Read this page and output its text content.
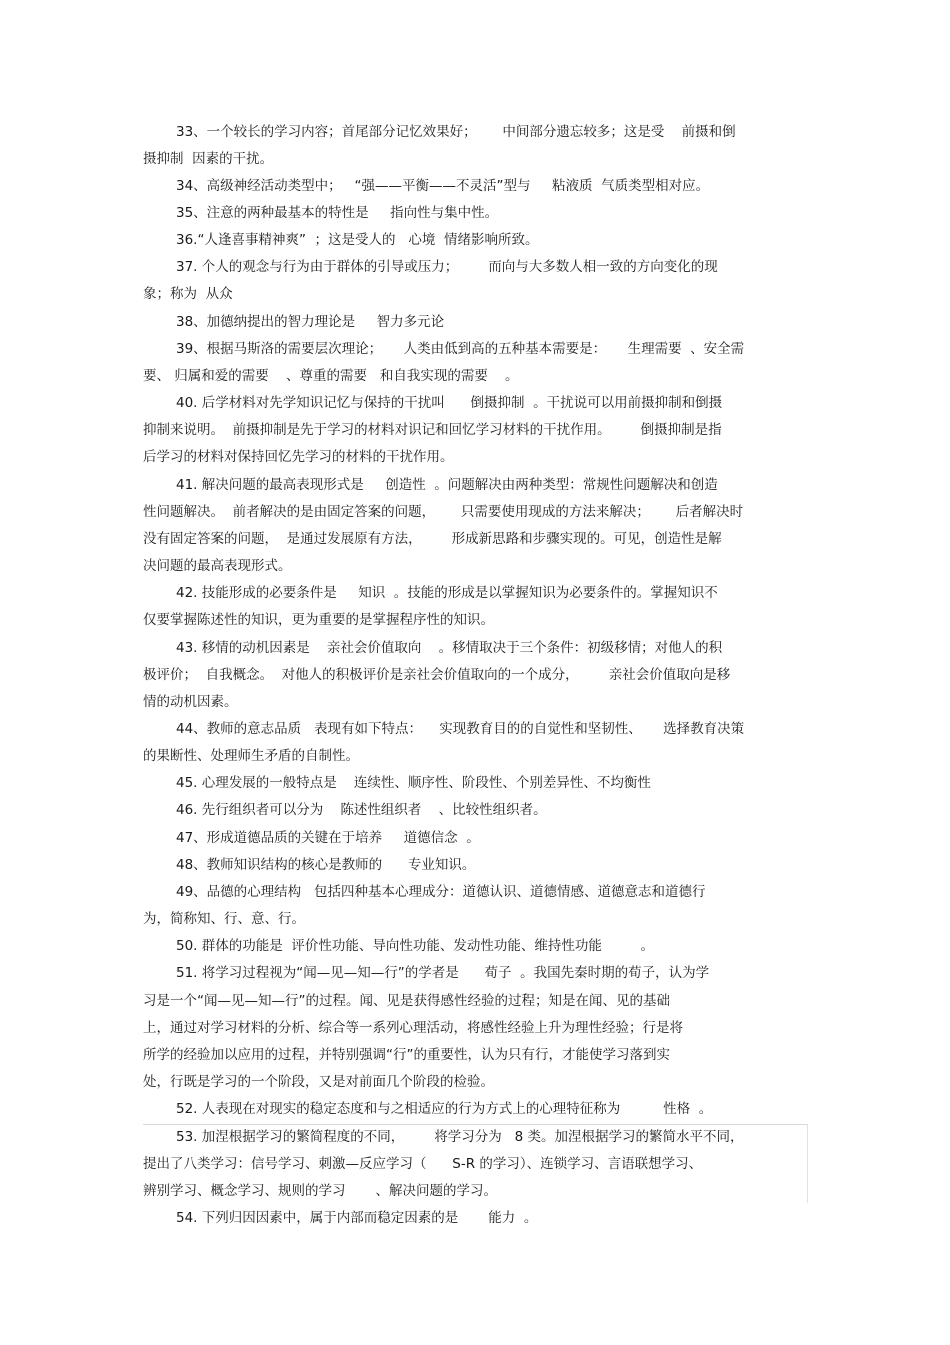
33、一个较长的学习内容；首尾部分记忆效果好；      中间部分遗忘较多；这是受    前摄和倒
摄抑制  因素的干扰。
34、高级神经活动类型中；   “强——平衡——不灵活”型与     粘液质  气质类型相对应。
35、注意的两种最基本的特性是     指向性与集中性。
36.“人逢喜事精神爽”  ；这是受人的   心境  情绪影响所致。
37. 个人的观念与行为由于群体的引导或压力；       而向与大多数人相一致的方向变化的现
象；称为  从众
38、加德纳提出的智力理论是     智力多元论
39、根据马斯洛的需要层次理论；     人类由低到高的五种基本需要是：     生理需要  、安全需
要、 归属和爱的需要    、尊重的需要   和自我实现的需要    。
40. 后学材料对先学知识记忆与保持的干扰叫      倒摄抑制  。干扰说可以用前摄抑制和倒摄
抑制来说明。  前摄抑制是先于学习的材料对识记和回忆学习材料的干扰作用。       倒摄抑制是指
后学习的材料对保持回忆先学习的材料的干扰作用。
41. 解决问题的最高表现形式是     创造性  。问题解决由两种类型：常规性问题解决和创造
性问题解决。  前者解决的是由固定答案的问题，      只需要使用现成的方法来解决；      后者解决时
没有固定答案的问题，  是通过发展原有方法，       形成新思路和步骤实现的。可见，创造性是解
决问题的最高表现形式。
42. 技能形成的必要条件是     知识  。技能的形成是以掌握知识为必要条件的。掌握知识不
仅要掌握陈述性的知识，更为重要的是掌握程序性的知识。
43. 移情的动机因素是    亲社会价值取向    。移情取决于三个条件：初级移情；对他人的积
极评价；  自我概念。  对他人的积极评价是亲社会价值取向的一个成分，       亲社会价值取向是移
情的动机因素。
44、教师的意志品质   表现有如下特点：    实现教育目的的自觉性和坚韧性、     选择教育决策
的果断性、处理师生矛盾的自制性。
45. 心理发展的一般特点是    连续性、顺序性、阶段性、个别差异性、不均衡性
46. 先行组织者可以分为    陈述性组织者    、比较性组织者。
47、形成道德品质的关键在于培养     道德信念  。
48、教师知识结构的核心是教师的      专业知识。
49、品德的心理结构   包括四种基本心理成分：道德认识、道德情感、道德意志和道德行
为，简称知、行、意、行。
50. 群体的功能是  评价性功能、导向性功能、发动性功能、维持性功能         。
51. 将学习过程视为“闻—见—知—行”的学者是      荀子  。我国先秦时期的荀子，认为学
习是一个“闻—见—知—行”的过程。闻、见是获得感性经验的过程；知是在闻、见的基础
上，通过对学习材料的分析、综合等一系列心理活动，将感性经验上升为理性经验；行是将
所学的经验加以应用的过程，并特别强调“行”的重要性，认为只有行，才能使学习落到实
处，行既是学习的一个阶段，又是对前面几个阶段的检验。
52. 人表现在对现实的稳定态度和与之相适应的行为方式上的心理特征称为          性格  。
53. 加涅根据学习的繁简程度的不同，       将学习分为   8 类。加涅根据学习的繁简水平不同，
提出了八类学习：信号学习、刺激—反应学习（      S-R 的学习）、连锁学习、言语联想学习、
辨别学习、概念学习、规则的学习       、解决问题的学习。
54. 下列归因因素中，属于内部而稳定因素的是       能力  。
